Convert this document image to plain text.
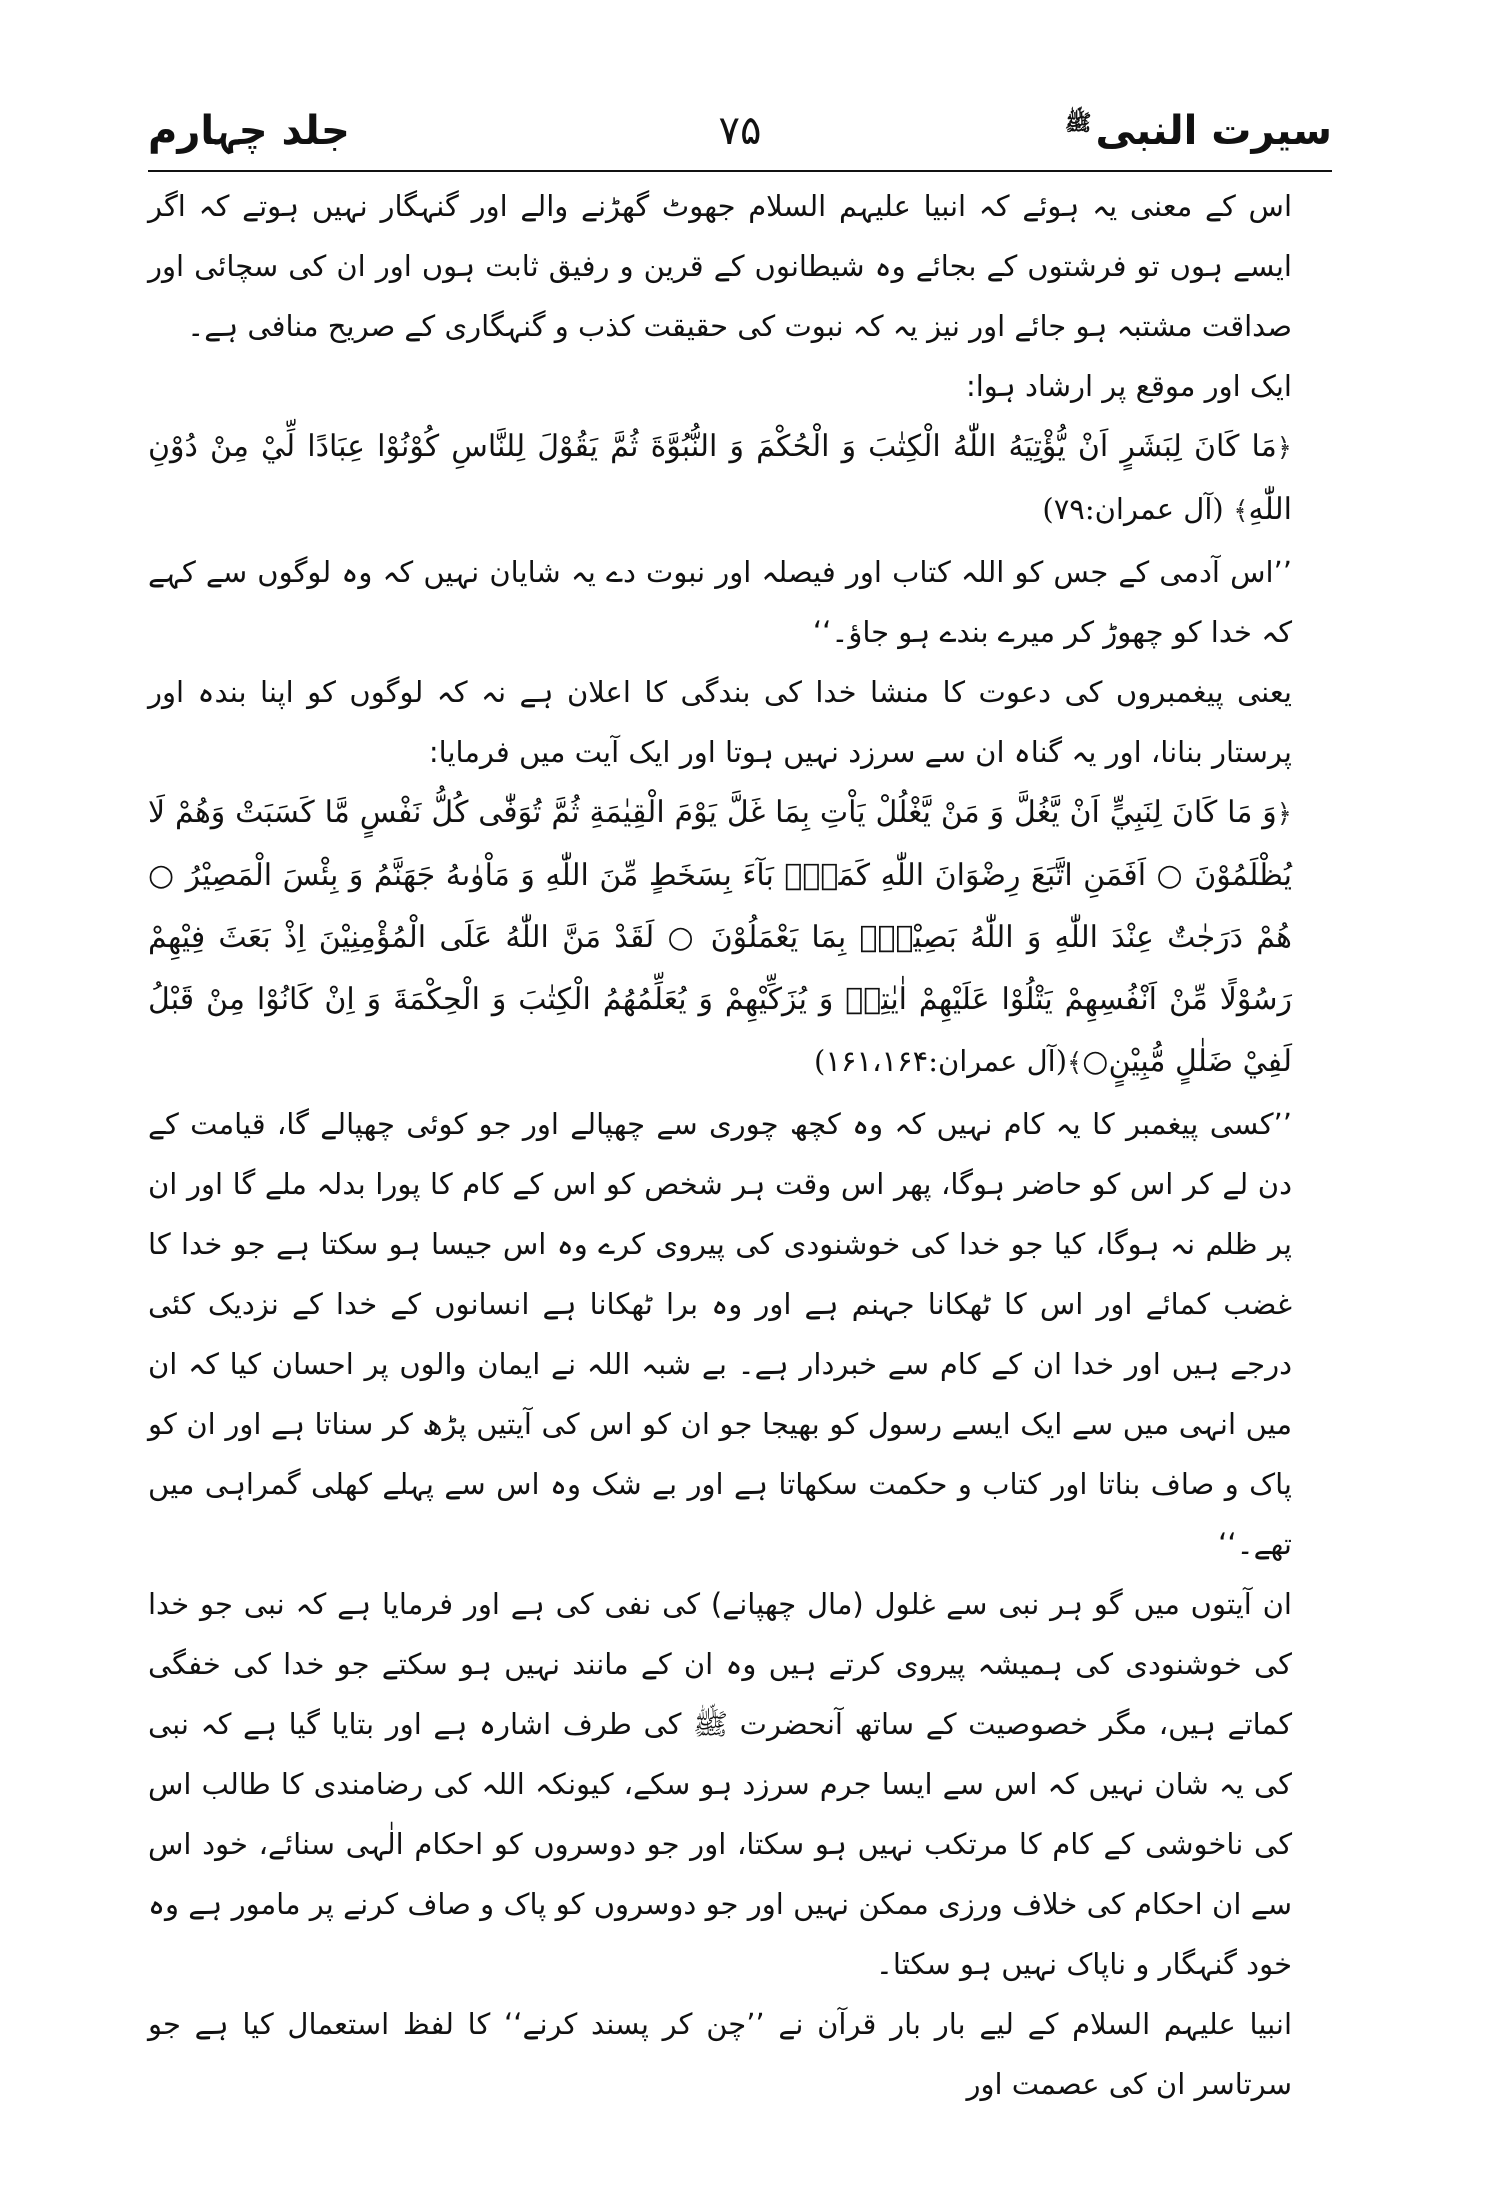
سیرت النبی$^ﷺ$
۷۵
جلد چہارم

اس کے معنی یہ ہوئے کہ انبیا علیہم السلام جھوٹ گھڑنے والے اور گنہگار نہیں ہوتے کہ اگر ایسے ہوں تو فرشتوں کے بجائے وہ شیطانوں کے قرین و رفیق ثابت ہوں اور ان کی سچائی اور صداقت مشتبہ ہو جائے اور نیز یہ کہ نبوت کی حقیقت کذب و گنہگاری کے صریح منافی ہے۔

ایک اور موقع پر ارشاد ہوا:

﴿مَا كَانَ لِبَشَرٍ اَنْ يُّؤْتِيَهُ اللّٰهُ الْكِتٰبَ وَ الْحُكْمَ وَ النُّبُوَّةَ ثُمَّ يَقُوْلَ لِلنَّاسِ كُوْنُوْا عِبَادًا لِّيْ مِنْ دُوْنِ اللّٰهِ﴾ (آل عمران:۷۹)

’’اس آدمی کے جس کو اللہ کتاب اور فیصلہ اور نبوت دے یہ شایان نہیں کہ وہ لوگوں سے کہے کہ خدا کو چھوڑ کر میرے بندے ہو جاؤ۔‘‘

یعنی پیغمبروں کی دعوت کا منشا خدا کی بندگی کا اعلان ہے نہ کہ لوگوں کو اپنا بندہ اور پرستار بنانا، اور یہ گناہ ان سے سرزد نہیں ہوتا اور ایک آیت میں فرمایا:

﴿وَ مَا كَانَ لِنَبِيٍّ اَنْ يَّغُلَّ وَ مَنْ يَّغْلُلْ يَاْتِ بِمَا غَلَّ يَوْمَ الْقِيٰمَةِ ثُمَّ تُوَفّٰى كُلُّ نَفْسٍ مَّا كَسَبَتْ وَهُمْ لَا يُظْلَمُوْنَ ○ اَفَمَنِ اتَّبَعَ رِضْوَانَ اللّٰهِ كَمَنْۢ بَآءَ بِسَخَطٍ مِّنَ اللّٰهِ وَ مَاْوٰىهُ جَهَنَّمُ وَ بِئْسَ الْمَصِيْرُ ○ هُمْ دَرَجٰتٌ عِنْدَ اللّٰهِ وَ اللّٰهُ بَصِيْرٌۢ بِمَا يَعْمَلُوْنَ ○ لَقَدْ مَنَّ اللّٰهُ عَلَى الْمُؤْمِنِيْنَ اِذْ بَعَثَ فِيْهِمْ رَسُوْلًا مِّنْ اَنْفُسِهِمْ يَتْلُوْا عَلَيْهِمْ اٰيٰتِهٖ وَ يُزَكِّيْهِمْ وَ يُعَلِّمُهُمُ الْكِتٰبَ وَ الْحِكْمَةَ وَ اِنْ كَانُوْا مِنْ قَبْلُ لَفِيْ ضَلٰلٍ مُّبِيْنٍ○﴾(آل عمران:۱۶۱،۱۶۴)

’’کسی پیغمبر کا یہ کام نہیں کہ وہ کچھ چوری سے چھپالے اور جو کوئی چھپالے گا، قیامت کے دن لے کر اس کو حاضر ہوگا، پھر اس وقت ہر شخص کو اس کے کام کا پورا بدلہ ملے گا اور ان پر ظلم نہ ہوگا، کیا جو خدا کی خوشنودی کی پیروی کرے وہ اس جیسا ہو سکتا ہے جو خدا کا غضب کمائے اور اس کا ٹھکانا جہنم ہے اور وہ برا ٹھکانا ہے انسانوں کے خدا کے نزدیک کئی درجے ہیں اور خدا ان کے کام سے خبردار ہے۔ بے شبہ اللہ نے ایمان والوں پر احسان کیا کہ ان میں انہی میں سے ایک ایسے رسول کو بھیجا جو ان کو اس کی آیتیں پڑھ کر سناتا ہے اور ان کو پاک و صاف بناتا اور کتاب و حکمت سکھاتا ہے اور بے شک وہ اس سے پہلے کھلی گمراہی میں تھے۔‘‘

ان آیتوں میں گو ہر نبی سے غلول (مال چھپانے) کی نفی کی ہے اور فرمایا ہے کہ نبی جو خدا کی خوشنودی کی ہمیشہ پیروی کرتے ہیں وہ ان کے مانند نہیں ہو سکتے جو خدا کی خفگی کماتے ہیں، مگر خصوصیت کے ساتھ آنحضرت ﷺ کی طرف اشارہ ہے اور بتایا گیا ہے کہ نبی کی یہ شان نہیں کہ اس سے ایسا جرم سرزد ہو سکے، کیونکہ اللہ کی رضامندی کا طالب اس کی ناخوشی کے کام کا مرتکب نہیں ہو سکتا، اور جو دوسروں کو احکام الٰہی سنائے، خود اس سے ان احکام کی خلاف ورزی ممکن نہیں اور جو دوسروں کو پاک و صاف کرنے پر مامور ہے وہ خود گنہگار و ناپاک نہیں ہو سکتا۔

انبیا علیہم السلام کے لیے بار بار قرآن نے ’’چن کر پسند کرنے‘‘ کا لفظ استعمال کیا ہے جو سرتاسر ان کی عصمت اور
